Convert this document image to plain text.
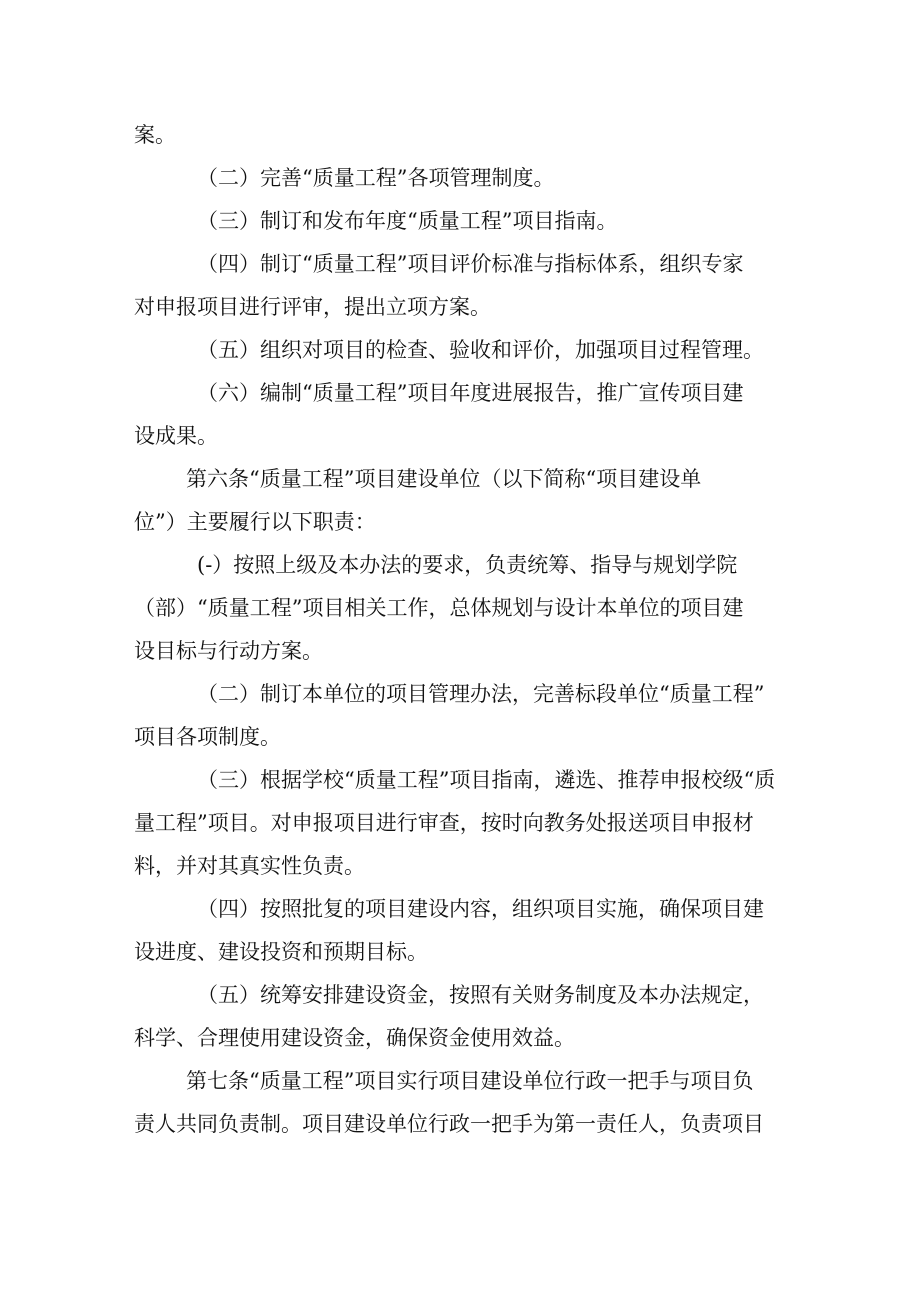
案。
（二）完善“质量工程”各项管理制度。
（三）制订和发布年度“质量工程”项目指南。
（四）制订“质量工程”项目评价标准与指标体系，组织专家
对申报项目进行评审，提出立项方案。
（五）组织对项目的检查、验收和评价，加强项目过程管理。
（六）编制“质量工程”项目年度进展报告，推广宣传项目建
设成果。
第六条“质量工程”项目建设单位（以下简称“项目建设单
位”）主要履行以下职责：
(-）按照上级及本办法的要求，负责统筹、指导与规划学院
（部）“质量工程”项目相关工作，总体规划与设计本单位的项目建
设目标与行动方案。
（二）制订本单位的项目管理办法，完善标段单位“质量工程”
项目各项制度。
（三）根据学校“质量工程”项目指南，遴选、推荐申报校级“质
量工程”项目。对申报项目进行审查，按时向教务处报送项目申报材
料，并对其真实性负责。
（四）按照批复的项目建设内容，组织项目实施，确保项目建
设进度、建设投资和预期目标。
（五）统筹安排建设资金，按照有关财务制度及本办法规定，
科学、合理使用建设资金，确保资金使用效益。
第七条“质量工程”项目实行项目建设单位行政一把手与项目负
责人共同负责制。项目建设单位行政一把手为第一责任人，负责项目
